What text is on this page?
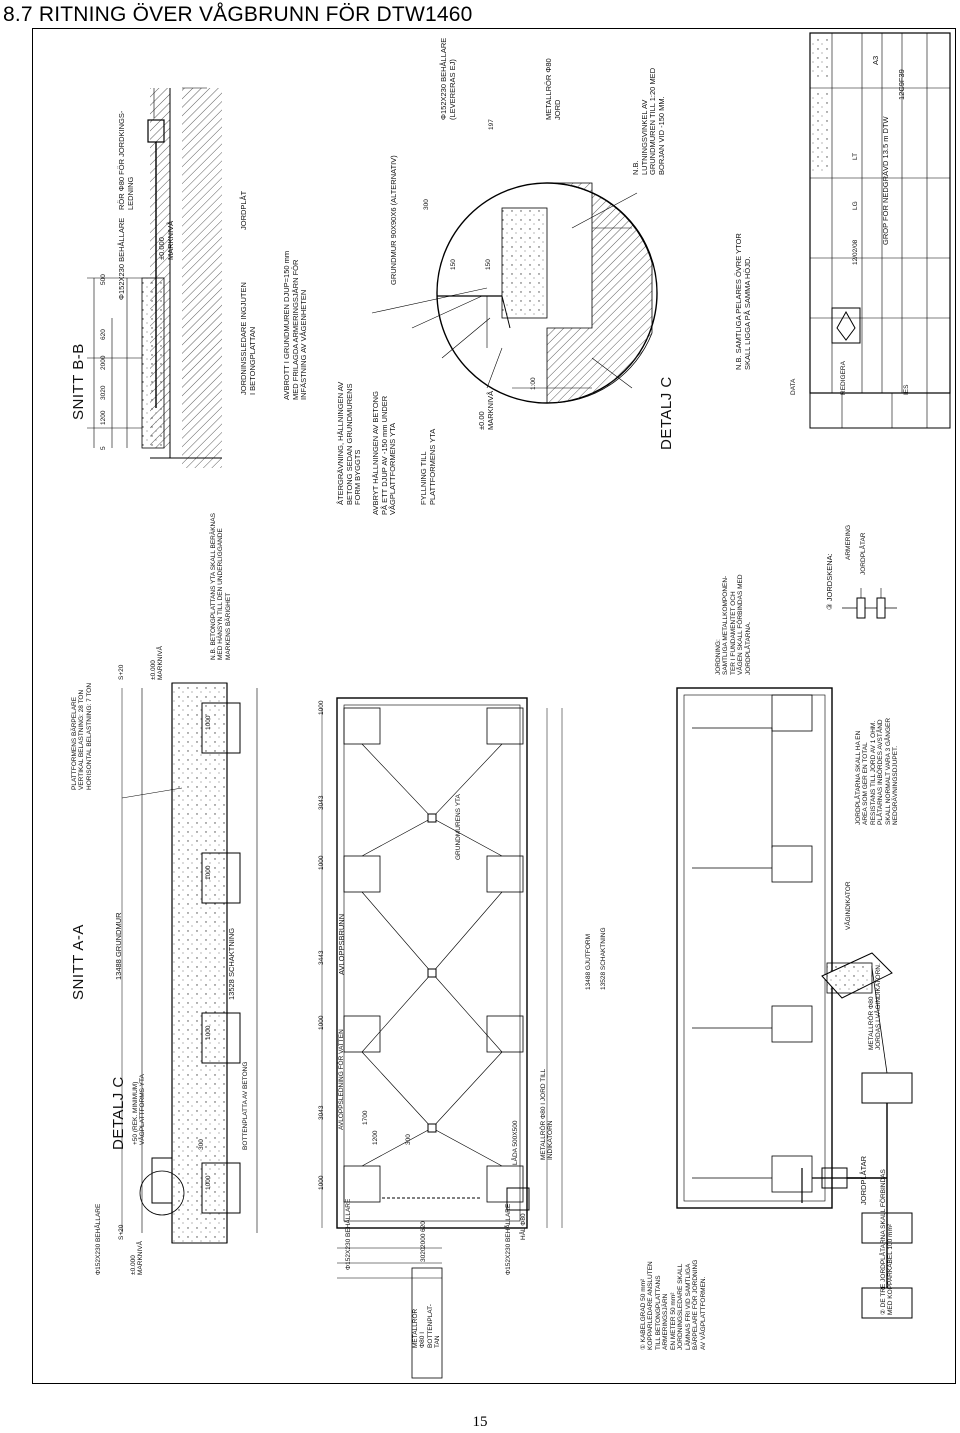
8.7 RITNING ÖVER VÅGBRUNN FÖR DTW1460
SNITT B-B
SNITT A-A
DETALJ C
DETALJ C
Φ152X230 BEHÅLLARE
RÖR Φ80 FÖR JORDKINGS- LEDNING	JORDPLÅT
JORDNINSSLEDARE INGJUTEN I BETONGPLATTAN
±0.000 MARKNIVÅ
3020
2000
620
1200
500
5
Φ152X230 BEHÅLLARE (LEVERERAS EJ)	METALLRÖR Φ80 JORD
N.B. LUTNINGSVINKEL AV GRUNDMUREN TILL 1:20 MED BORJAN VID -150 MM.
GRUNDMUR 90X90X6 (ALTERNATIV)
AVBROTT I GRUNDMUREN DJUP=150 mm MED FRILAGDA ARMERINGSJÄRN FÖR INFÄSTNING AV VÅGENHETEN
ÅTERGRÄVNING, HÄLLNINGEN AV BETONG SEDAN GRUNDMURENS FORM BYGGTS AVBRYT HÄLLNINGEN AV BETONG PÅ ETT DJUP AV -150 mm UNDER VÅGPLATTFORMENS YTA	FYLLNING TILL PLATTFORMENS YTA
±0.00 MARKNIVÅ
1:00
N.B. SAMTLIGA PELARES ÖVRE YTOR SKALL LIGGA PÅ SAMMA HÖJD.
197
300
150	150
Φ152X230 BEHÅLLARE	±0.000 MARKNIVÅ
+50 (REK. MINIMUM) VÅGPLATTFORMS YTA	BOTTENPLATTA AV BETONG
13488 GRUNDMUR	13528 SCHAKTNING
PLATTFORMENS BÄRPELARE VERTIKAL BELASTNING: 28 TON HORISONTAL BELASTNING: 7 TON
N.B. BETONGPLATTANS YTA SKALL BERÄKNAS MED HÄNSYN TILL DEN UNDERLIGGANDE MARKENS BÄRIGHET
S+20
±0.000 MARKNIVÅ
S+20
300
1000
1000
1000
1000
Φ152X230 BEHÅLLARE
METALLRÖR Φ80 I BOTTENPLAT- TAN
AVLOPPSLEDNING FÖR VATTEN
AVLOPPSBRUNN
LÅDA 500X500	METALLRÖR Φ80 I JORD TILL INDIKATORN
13488 GJUTFORM 13528 SCHAKTNING
Φ152X230 BEHÅLLARE HÅL Φ80
GRUNDMURENS YTA
1000
3043
1000
3443
1000
3043
1000
1700
1200	300
620
2000
3020
JORDNING: SAMTLIGA METALLKOMPONEN- TER I FUNDAMENTET OCH VÅGEN SKALL FÖRBINDAS MED JORDPLÅTARNA.
③ JORDSKENA:
ARMERING JORDPLÅTAR
JORDPLÅTARNA SKALL HA EN AREA SOM GER EN TOTAL RESISTANS TILL JORD AV 1 OHM. PLÅTARNAS INBÖRDES AVSTÅND SKALL NORMALT VARA 3 GÅNGER NEDGRÄVNINGSDJUPET.
VÅGINDIKATOR
METALLRÖR Φ80 JORDAS I VÅGINDIKATORN.
JORDPLÅTAR ② DE TRE JORDPLÅTARNA SKALL FÖRBINDAS MED KOPPARKABEL 100 mm²
① KABELGRAD 50 mm² KOPPARLEDARE ANSLUTEN TILL BETONGPLATTANS ARMERINGSJÄRN EN METER 50 mm² JORDNINGSLEDARE SKALL LÄMNAS FRI VID SAMTLIGA BÄRPELARE FÖR JORDNING AV VÅGPLATTFORMEN.
GROP FÖR NEDGRÄVD 13.5 m DTW
12C9F39
A3
12/02/08
LG
LT
DATA	REDIGERA	IES
15
